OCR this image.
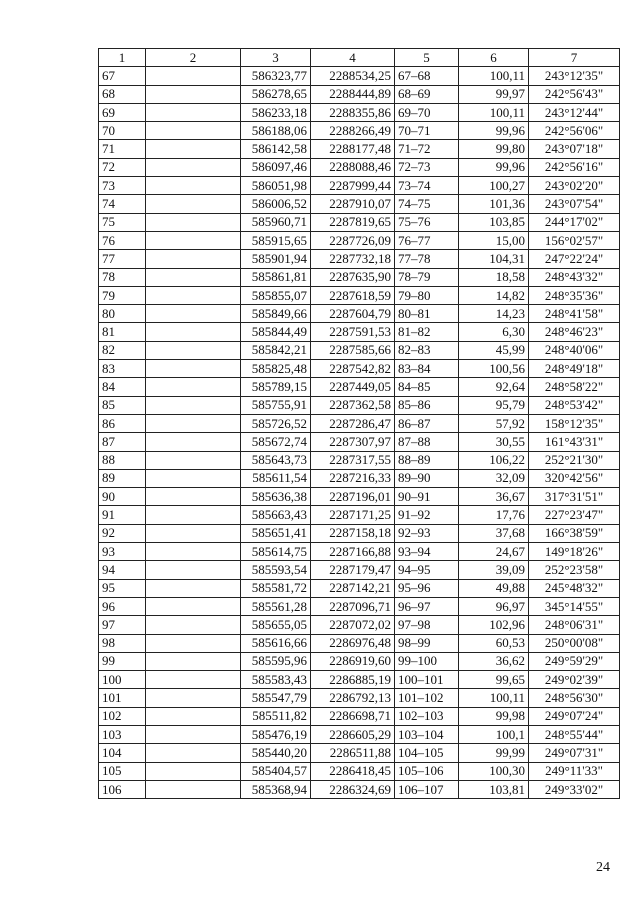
1	2	3	4	5	6	7
67		586323,77	2288534,25	67–68	100,11	243°12'35"
68		586278,65	2288444,89	68–69	99,97	242°56'43"
69		586233,18	2288355,86	69–70	100,11	243°12'44"
70		586188,06	2288266,49	70–71	99,96	242°56'06"
71		586142,58	2288177,48	71–72	99,80	243°07'18"
72		586097,46	2288088,46	72–73	99,96	242°56'16"
73		586051,98	2287999,44	73–74	100,27	243°02'20"
74		586006,52	2287910,07	74–75	101,36	243°07'54"
75		585960,71	2287819,65	75–76	103,85	244°17'02"
76		585915,65	2287726,09	76–77	15,00	156°02'57"
77		585901,94	2287732,18	77–78	104,31	247°22'24"
78		585861,81	2287635,90	78–79	18,58	248°43'32"
79		585855,07	2287618,59	79–80	14,82	248°35'36"
80		585849,66	2287604,79	80–81	14,23	248°41'58"
81		585844,49	2287591,53	81–82	6,30	248°46'23"
82		585842,21	2287585,66	82–83	45,99	248°40'06"
83		585825,48	2287542,82	83–84	100,56	248°49'18"
84		585789,15	2287449,05	84–85	92,64	248°58'22"
85		585755,91	2287362,58	85–86	95,79	248°53'42"
86		585726,52	2287286,47	86–87	57,92	158°12'35"
87		585672,74	2287307,97	87–88	30,55	161°43'31"
88		585643,73	2287317,55	88–89	106,22	252°21'30"
89		585611,54	2287216,33	89–90	32,09	320°42'56"
90		585636,38	2287196,01	90–91	36,67	317°31'51"
91		585663,43	2287171,25	91–92	17,76	227°23'47"
92		585651,41	2287158,18	92–93	37,68	166°38'59"
93		585614,75	2287166,88	93–94	24,67	149°18'26"
94		585593,54	2287179,47	94–95	39,09	252°23'58"
95		585581,72	2287142,21	95–96	49,88	245°48'32"
96		585561,28	2287096,71	96–97	96,97	345°14'55"
97		585655,05	2287072,02	97–98	102,96	248°06'31"
98		585616,66	2286976,48	98–99	60,53	250°00'08"
99		585595,96	2286919,60	99–100	36,62	249°59'29"
100		585583,43	2286885,19	100–101	99,65	249°02'39"
101		585547,79	2286792,13	101–102	100,11	248°56'30"
102		585511,82	2286698,71	102–103	99,98	249°07'24"
103		585476,19	2286605,29	103–104	100,1	248°55'44"
104		585440,20	2286511,88	104–105	99,99	249°07'31"
105		585404,57	2286418,45	105–106	100,30	249°11'33"
106		585368,94	2286324,69	106–107	103,81	249°33'02"
24
